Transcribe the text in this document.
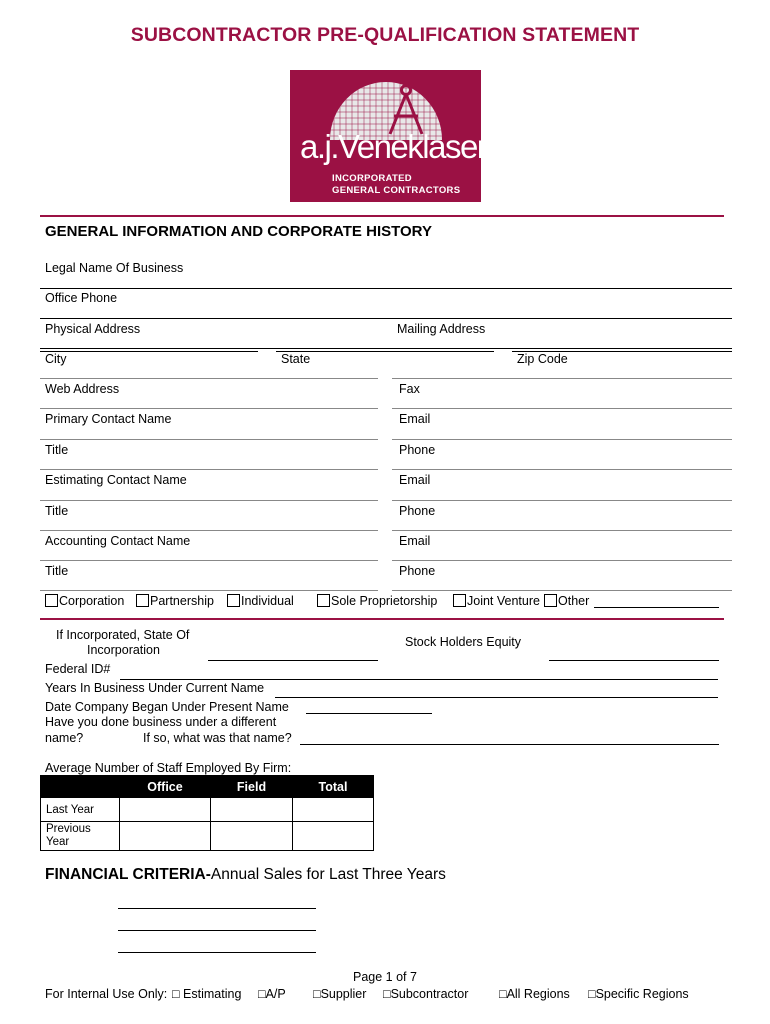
SUBCONTRACTOR PRE-QUALIFICATION STATEMENT
a.j.Veneklasen
INCORPORATED
GENERAL CONTRACTORS
GENERAL INFORMATION AND CORPORATE HISTORY
Legal Name Of Business
Office Phone
Physical Address	Mailing Address
City	State	Zip Code
Web Address	Fax
Primary Contact Name	Email
Title	Phone
Estimating Contact Name	Email
Title	Phone
Accounting Contact Name	Email
Title	Phone
Corporation	Partnership	Individual	Sole Proprietorship	Joint Venture	Other
If Incorporated, State Of
Incorporation
Stock Holders Equity
Federal ID#
Years In Business Under Current Name
Date Company Began Under Present Name
Have you done business under a different
name?	If so, what was that name?
Average Number of Staff Employed By Firm:
	Office	Field	Total
Last Year			
Previous Year			
FINANCIAL CRITERIA-Annual Sales for Last Three Years
Page 1 of 7
For Internal Use Only: □ Estimating □A/P □Supplier □Subcontractor □All Regions □Specific Regions
